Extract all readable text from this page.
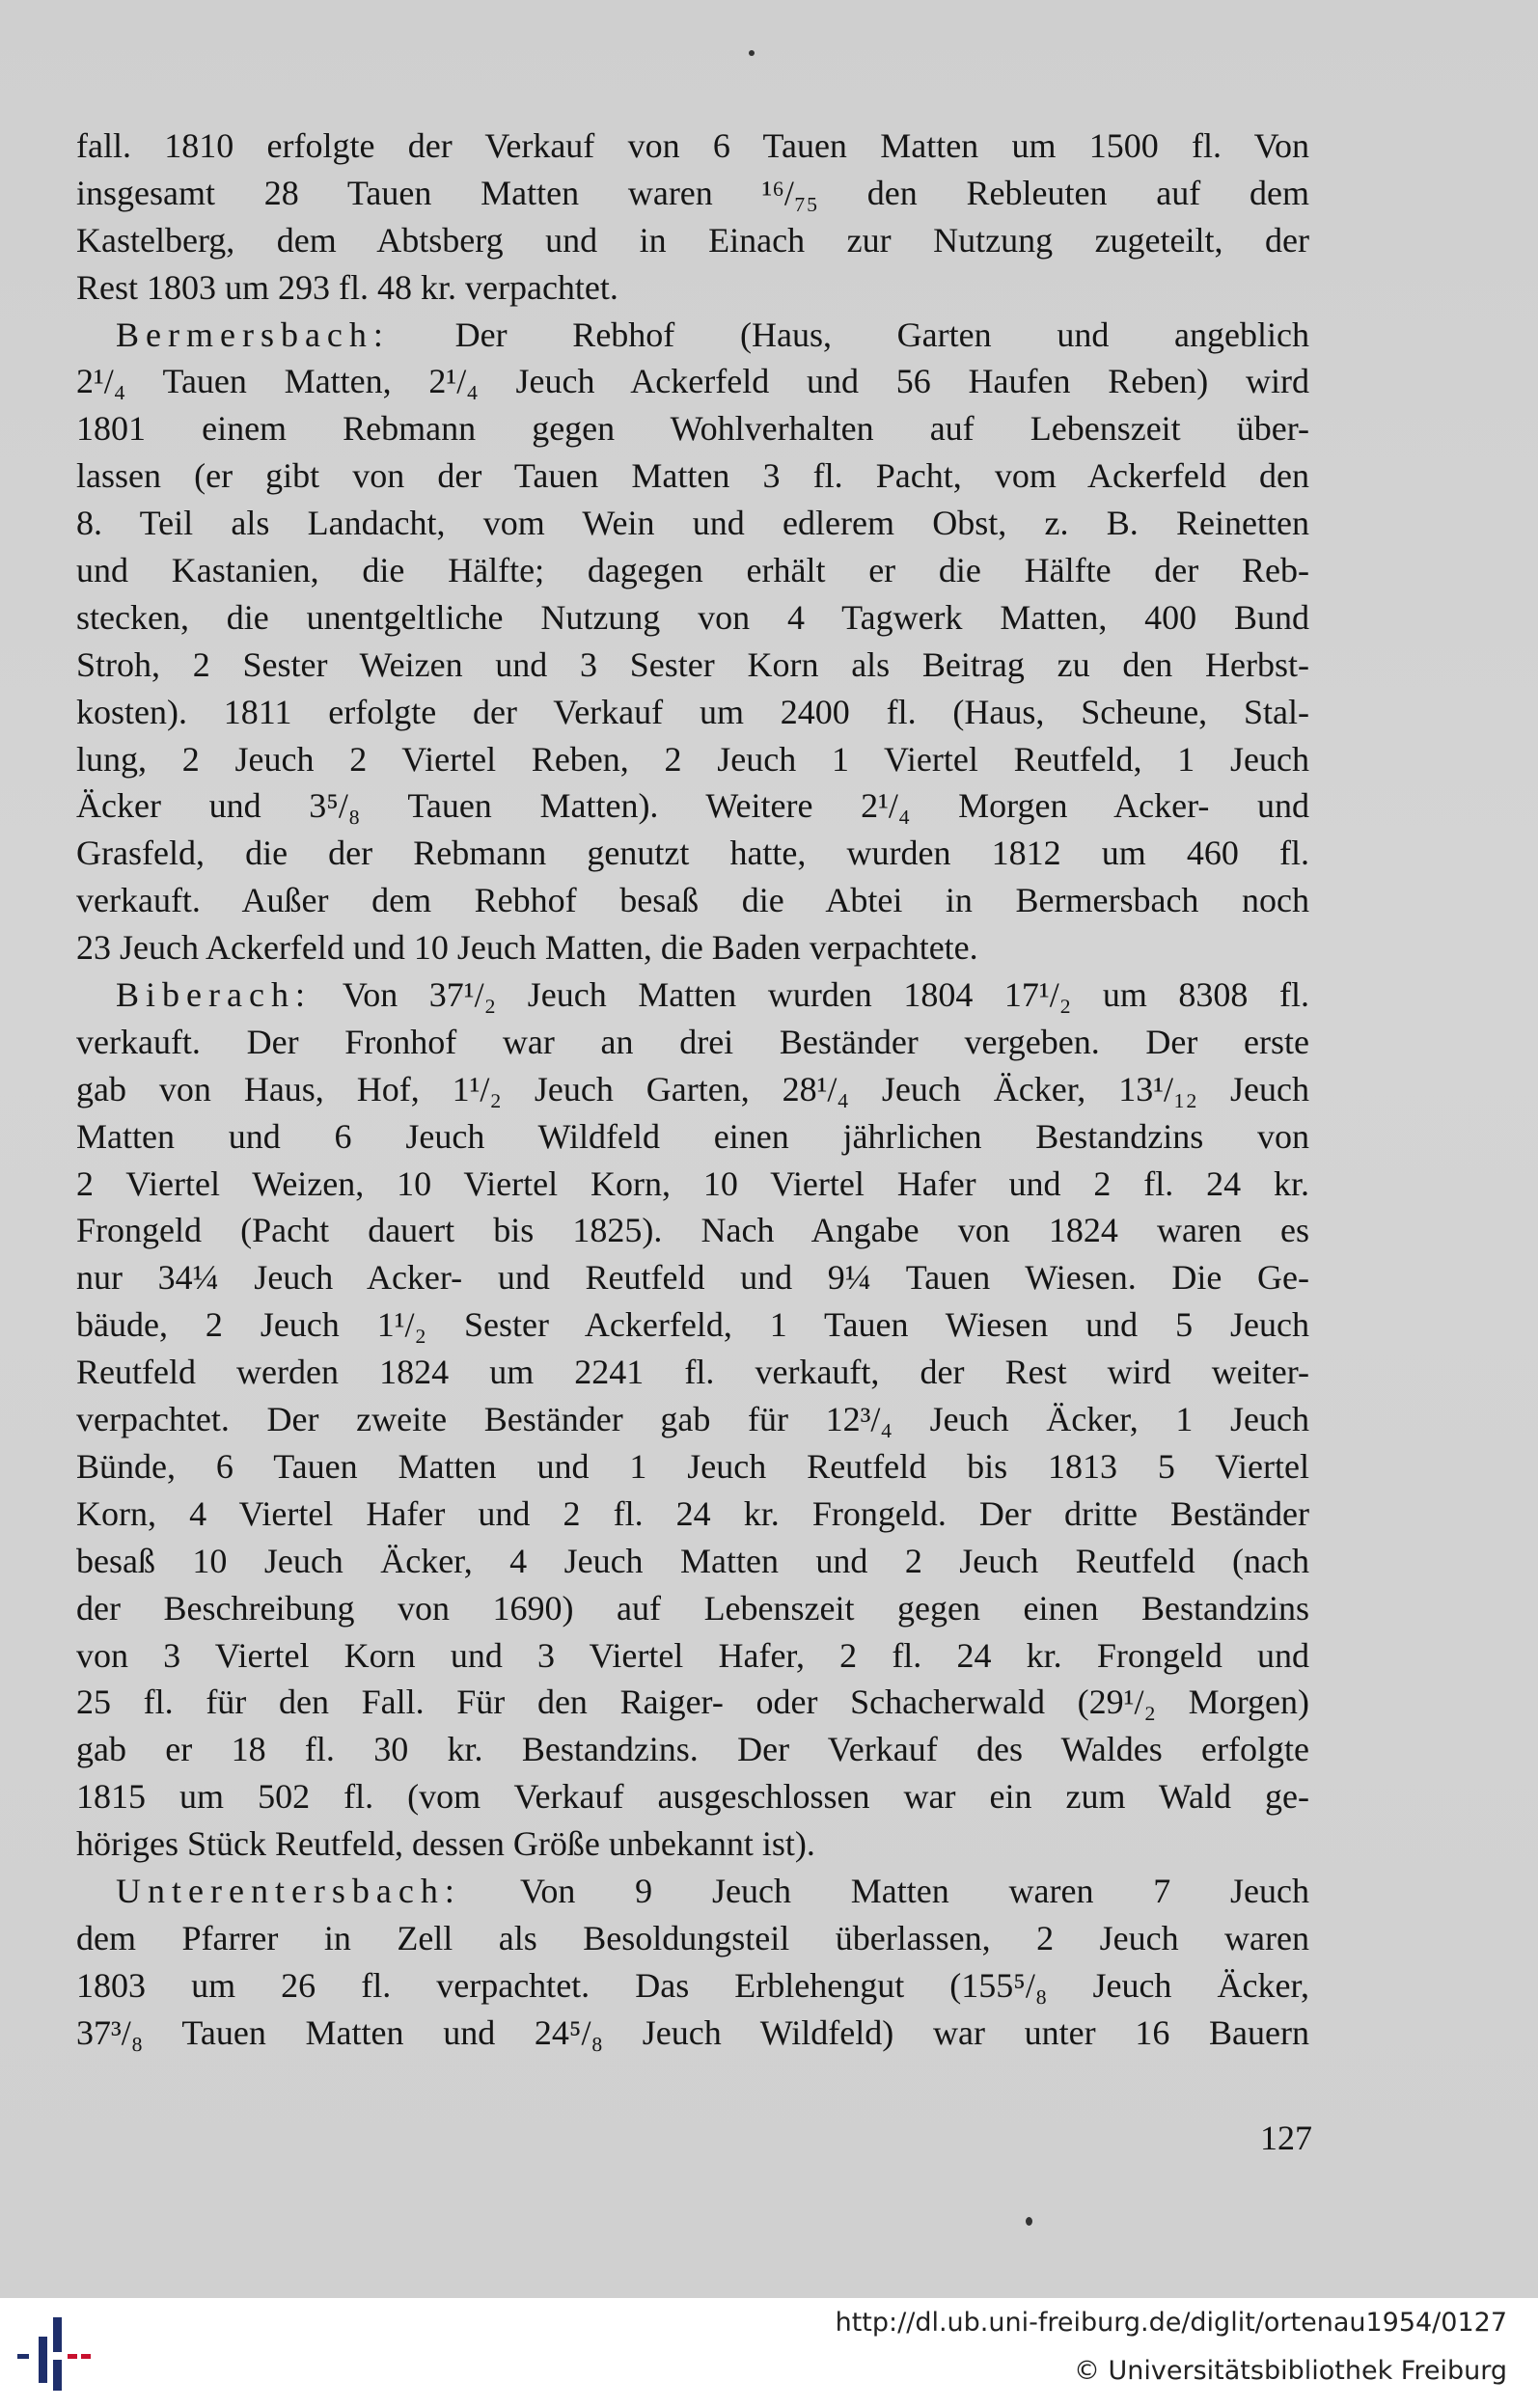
fall. 1810 erfolgte der Verkauf von 6 Tauen Matten um 1500 fl. Von
insgesamt 28 Tauen Matten waren ¹⁶/₇₅ den Rebleuten auf dem
Kastelberg, dem Abtsberg und in Einach zur Nutzung zugeteilt, der
Rest 1803 um 293 fl. 48 kr. verpachtet.
Bermersbach: Der Rebhof (Haus, Garten und angeblich
2¹/₄ Tauen Matten, 2¹/₄ Jeuch Ackerfeld und 56 Haufen Reben) wird
1801 einem Rebmann gegen Wohlverhalten auf Lebenszeit über-
lassen (er gibt von der Tauen Matten 3 fl. Pacht, vom Ackerfeld den
8. Teil als Landacht, vom Wein und edlerem Obst, z. B. Reinetten
und Kastanien, die Hälfte; dagegen erhält er die Hälfte der Reb-
stecken, die unentgeltliche Nutzung von 4 Tagwerk Matten, 400 Bund
Stroh, 2 Sester Weizen und 3 Sester Korn als Beitrag zu den Herbst-
kosten). 1811 erfolgte der Verkauf um 2400 fl. (Haus, Scheune, Stal-
lung, 2 Jeuch 2 Viertel Reben, 2 Jeuch 1 Viertel Reutfeld, 1 Jeuch
Äcker und 3⁵/₈ Tauen Matten). Weitere 2¹/₄ Morgen Acker- und
Grasfeld, die der Rebmann genutzt hatte, wurden 1812 um 460 fl.
verkauft. Außer dem Rebhof besaß die Abtei in Bermersbach noch
23 Jeuch Ackerfeld und 10 Jeuch Matten, die Baden verpachtete.
Biberach: Von 37¹/₂ Jeuch Matten wurden 1804 17¹/₂ um 8308 fl.
verkauft. Der Fronhof war an drei Beständer vergeben. Der erste
gab von Haus, Hof, 1¹/₂ Jeuch Garten, 28¹/₄ Jeuch Äcker, 13¹/₁₂ Jeuch
Matten und 6 Jeuch Wildfeld einen jährlichen Bestandzins von
2 Viertel Weizen, 10 Viertel Korn, 10 Viertel Hafer und 2 fl. 24 kr.
Frongeld (Pacht dauert bis 1825). Nach Angabe von 1824 waren es
nur 34¼ Jeuch Acker- und Reutfeld und 9¼ Tauen Wiesen. Die Ge-
bäude, 2 Jeuch 1¹/₂ Sester Ackerfeld, 1 Tauen Wiesen und 5 Jeuch
Reutfeld werden 1824 um 2241 fl. verkauft, der Rest wird weiter-
verpachtet. Der zweite Beständer gab für 12³/₄ Jeuch Äcker, 1 Jeuch
Bünde, 6 Tauen Matten und 1 Jeuch Reutfeld bis 1813 5 Viertel
Korn, 4 Viertel Hafer und 2 fl. 24 kr. Frongeld. Der dritte Beständer
besaß 10 Jeuch Äcker, 4 Jeuch Matten und 2 Jeuch Reutfeld (nach
der Beschreibung von 1690) auf Lebenszeit gegen einen Bestandzins
von 3 Viertel Korn und 3 Viertel Hafer, 2 fl. 24 kr. Frongeld und
25 fl. für den Fall. Für den Raiger- oder Schacherwald (29¹/₂ Morgen)
gab er 18 fl. 30 kr. Bestandzins. Der Verkauf des Waldes erfolgte
1815 um 502 fl. (vom Verkauf ausgeschlossen war ein zum Wald ge-
höriges Stück Reutfeld, dessen Größe unbekannt ist).
Unterentersbach: Von 9 Jeuch Matten waren 7 Jeuch
dem Pfarrer in Zell als Besoldungsteil überlassen, 2 Jeuch waren
1803 um 26 fl. verpachtet. Das Erblehengut (155⁵/₈ Jeuch Äcker,
37³/₈ Tauen Matten und 24⁵/₈ Jeuch Wildfeld) war unter 16 Bauern
127
http://dl.ub.uni-freiburg.de/diglit/ortenau1954/0127
© Universitätsbibliothek Freiburg
